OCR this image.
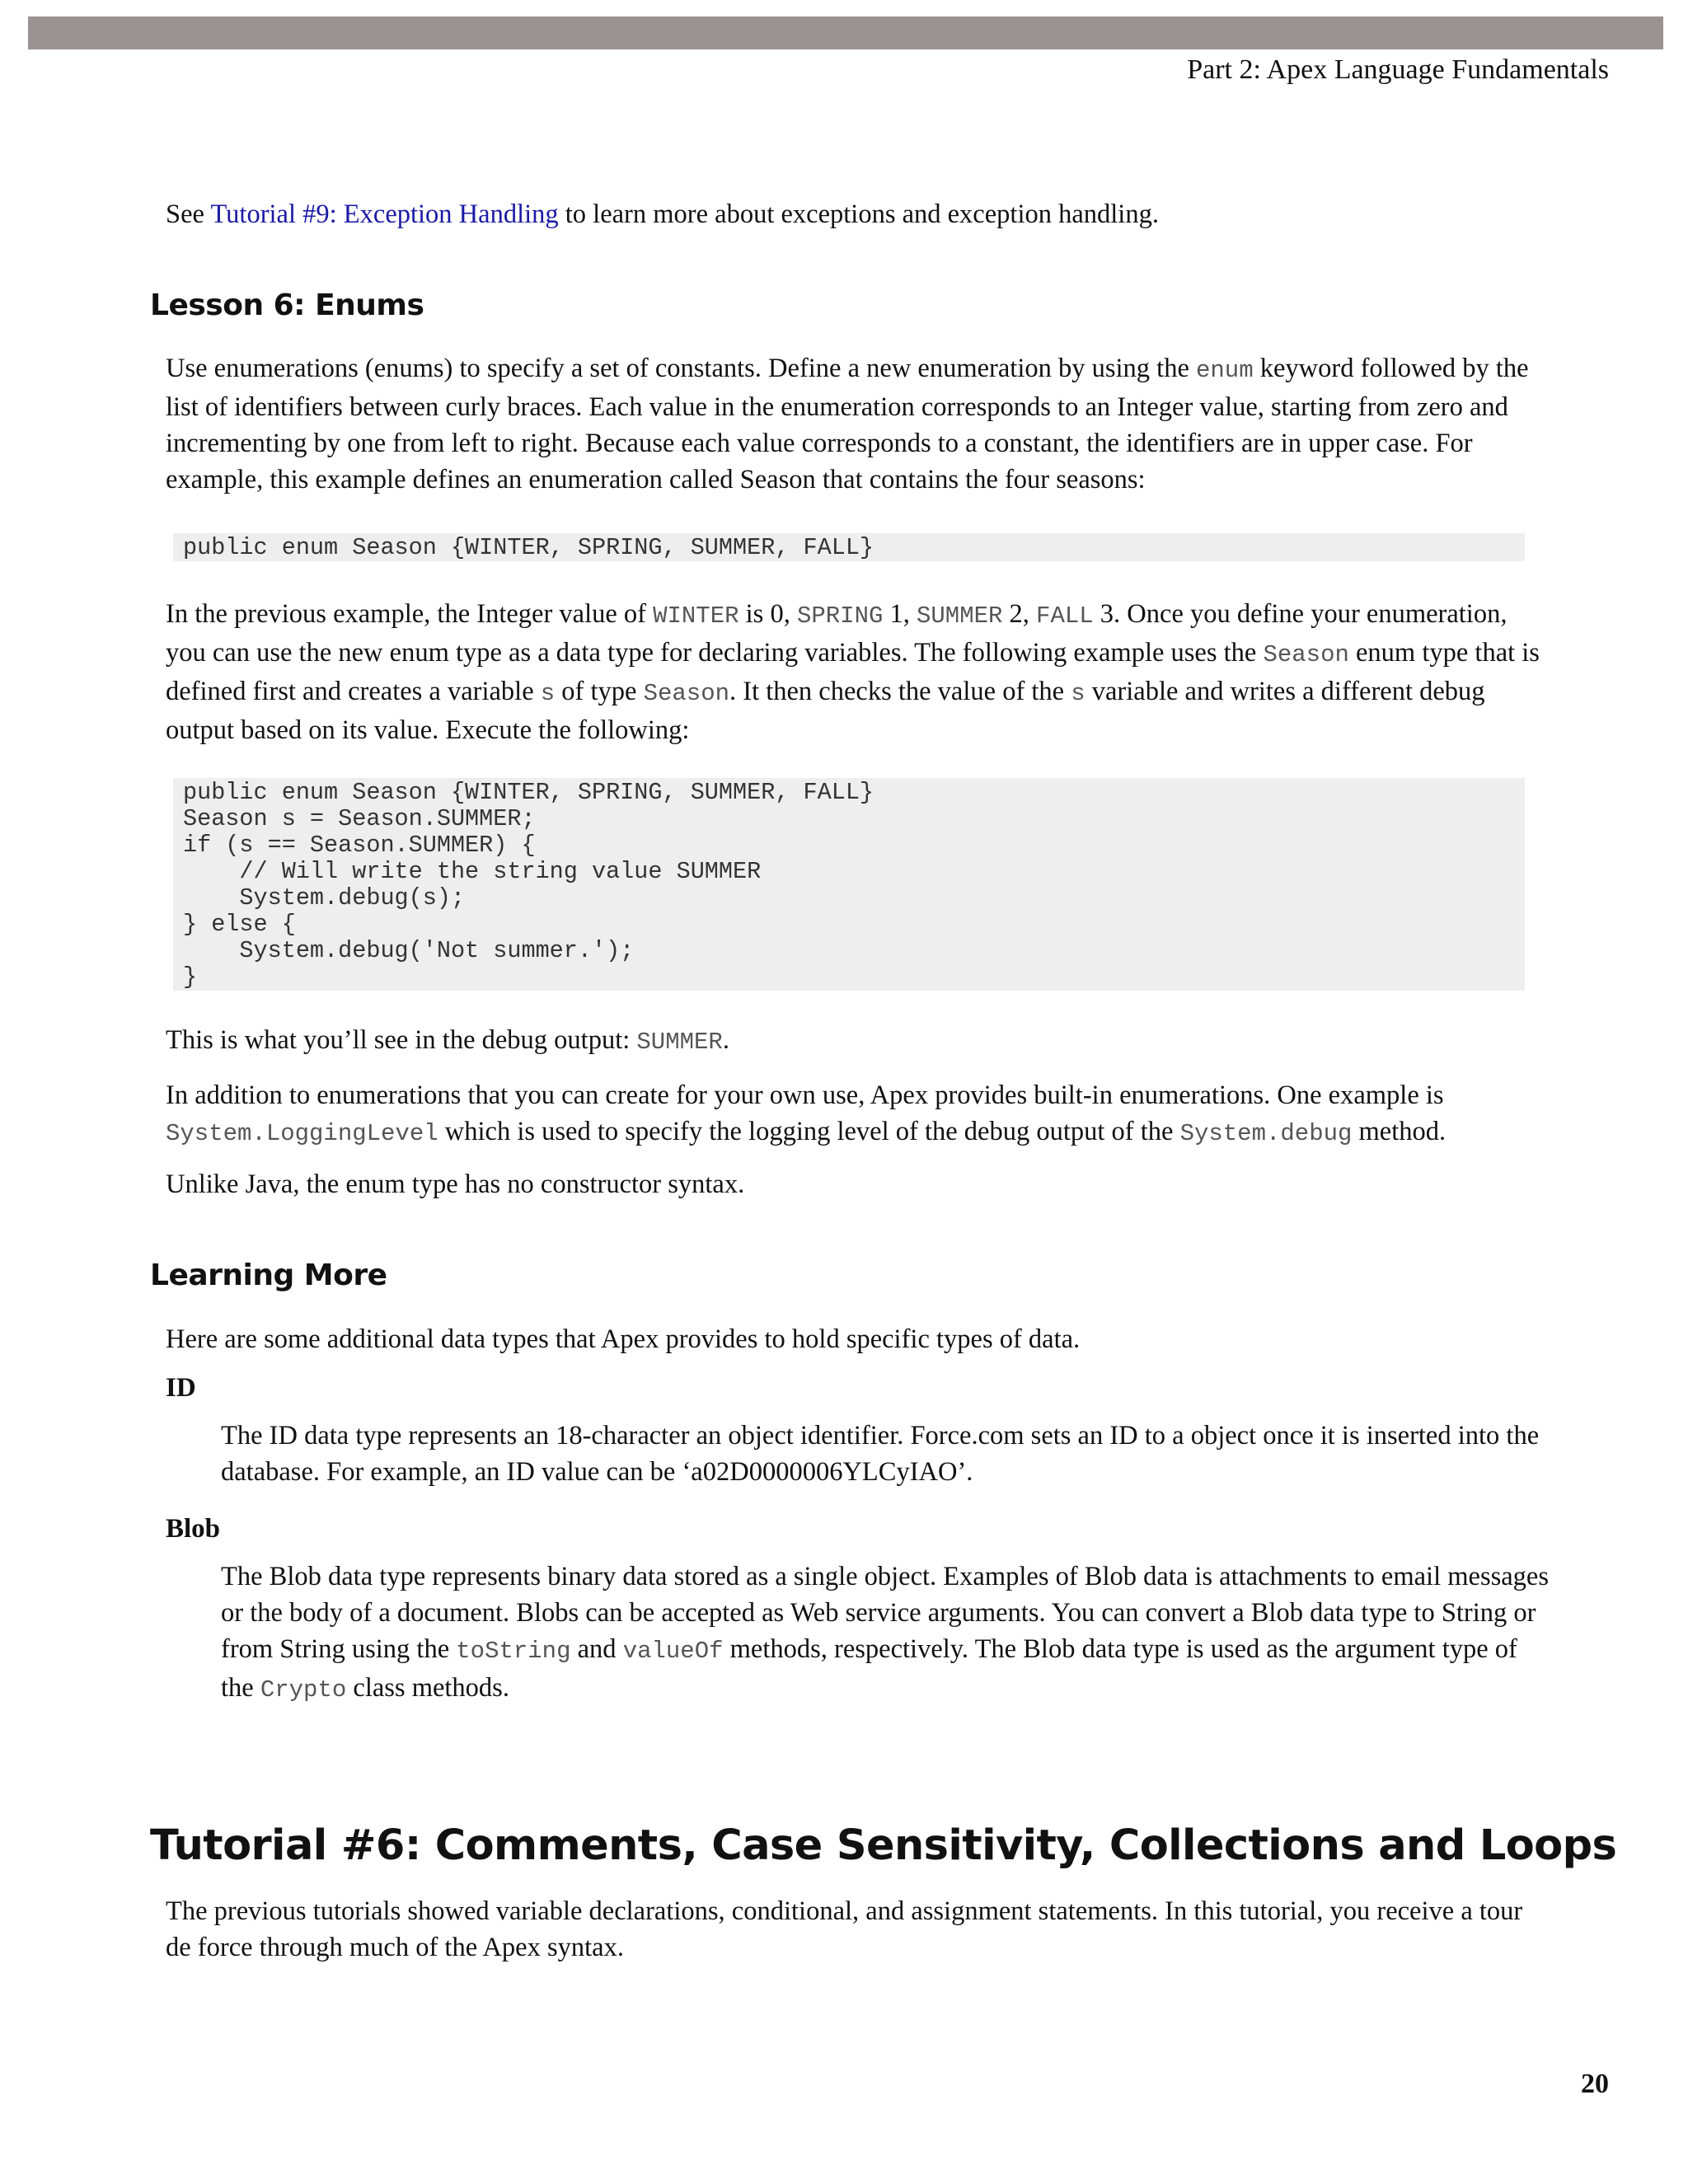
Part 2: Apex Language Fundamentals

See Tutorial #9: Exception Handling to learn more about exceptions and exception handling.

Lesson 6: Enums

Use enumerations (enums) to specify a set of constants. Define a new enumeration by using the enum keyword followed by the list of identifiers between curly braces. Each value in the enumeration corresponds to an Integer value, starting from zero and incrementing by one from left to right. Because each value corresponds to a constant, the identifiers are in upper case. For example, this example defines an enumeration called Season that contains the four seasons:

public enum Season {WINTER, SPRING, SUMMER, FALL}

In the previous example, the Integer value of WINTER is 0, SPRING 1, SUMMER 2, FALL 3. Once you define your enumeration, you can use the new enum type as a data type for declaring variables. The following example uses the Season enum type that is defined first and creates a variable s of type Season. It then checks the value of the s variable and writes a different debug output based on its value. Execute the following:

public enum Season {WINTER, SPRING, SUMMER, FALL}
Season s = Season.SUMMER;
if (s == Season.SUMMER) {
// Will write the string value SUMMER
System.debug(s);
} else {
System.debug('Not summer.');
}

This is what you’ll see in the debug output: SUMMER.

In addition to enumerations that you can create for your own use, Apex provides built-in enumerations. One example is System.LoggingLevel which is used to specify the logging level of the debug output of the System.debug method.

Unlike Java, the enum type has no constructor syntax.

Learning More

Here are some additional data types that Apex provides to hold specific types of data.

ID

The ID data type represents an 18-character an object identifier. Force.com sets an ID to a object once it is inserted into the database. For example, an ID value can be ‘a02D0000006YLCyIAO’.

Blob

The Blob data type represents binary data stored as a single object. Examples of Blob data is attachments to email messages or the body of a document. Blobs can be accepted as Web service arguments. You can convert a Blob data type to String or from String using the toString and valueOf methods, respectively. The Blob data type is used as the argument type of the Crypto class methods.

Tutorial #6: Comments, Case Sensitivity, Collections and Loops

The previous tutorials showed variable declarations, conditional, and assignment statements. In this tutorial, you receive a tour de force through much of the Apex syntax.

20
